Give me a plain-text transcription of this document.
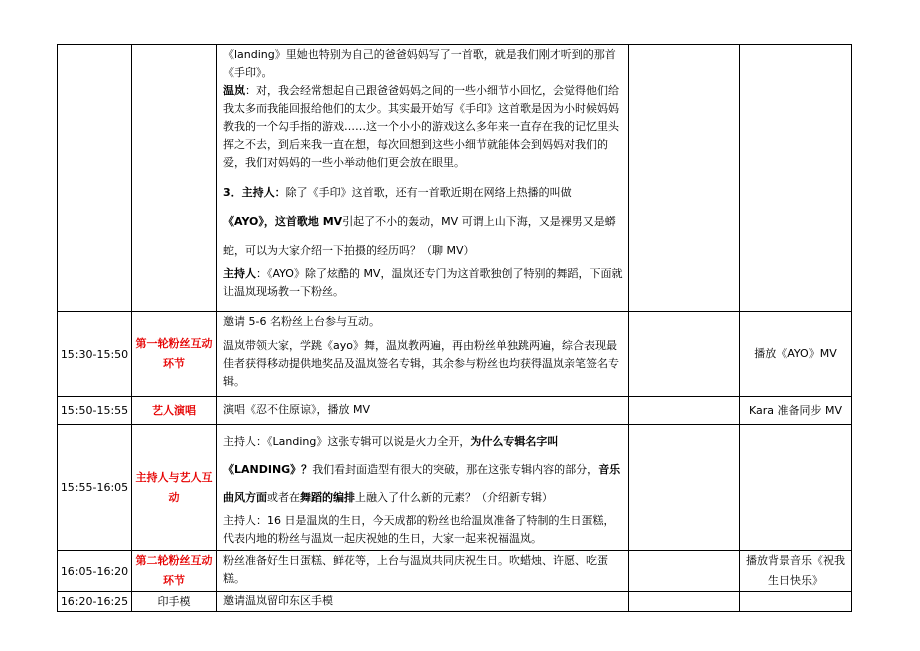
		《landing》里她也特别为自己的爸爸妈妈写了一首歌，就是我们刚才听到的那首《手印》。

温岚：对，我会经常想起自己跟爸爸妈妈之间的一些小细节小回忆，会觉得他们给我太多而我能回报给他们的太少。其实最开始写《手印》这首歌是因为小时候妈妈教我的一个勾手指的游戏……这一个小小的游戏这么多年来一直存在我的记忆里头挥之不去，到后来我一直在想，每次回想到这些小细节就能体会到妈妈对我们的爱，我们对妈妈的一些小举动他们更会放在眼里。

3．主持人：除了《手印》这首歌，还有一首歌近期在网络上热播的叫做《AYO》，这首歌地 MV引起了不小的轰动，MV 可谓上山下海，又是裸男又是蟒蛇，可以为大家介绍一下拍摄的经历吗？（聊 MV）

主持人：《AYO》除了炫酷的 MV，温岚还专门为这首歌独创了特别的舞蹈，下面就让温岚现场教一下粉丝。		

15:30-15:50	第一轮粉丝互动环节	邀请 5-6 名粉丝上台参与互动。

温岚带领大家，学跳《ayo》舞，温岚教两遍，再由粉丝单独跳两遍，综合表现最佳者获得移动提供地奖品及温岚签名专辑，其余参与粉丝也均获得温岚亲笔签名专辑。		播放《AYO》MV
15:50-15:55	艺人演唱	演唱《忍不住原谅》，播放 MV		Kara 准备同步 MV
15:55-16:05	主持人与艺人互动	主持人：《Landing》这张专辑可以说是火力全开，为什么专辑名字叫《LANDING》？我们看封面造型有很大的突破，那在这张专辑内容的部分，音乐曲风方面或者在舞蹈的编排上融入了什么新的元素？（介绍新专辑）

主持人：16 日是温岚的生日，今天成都的粉丝也给温岚准备了特制的生日蛋糕，代表内地的粉丝与温岚一起庆祝她的生日，大家一起来祝福温岚。		

16:05-16:20	第二轮粉丝互动环节	粉丝准备好生日蛋糕、鲜花等，上台与温岚共同庆祝生日。吹蜡烛、许愿、吃蛋糕。		播放背景音乐《祝我生日快乐》
16:20-16:25	印手模	邀请温岚留印东区手模		
